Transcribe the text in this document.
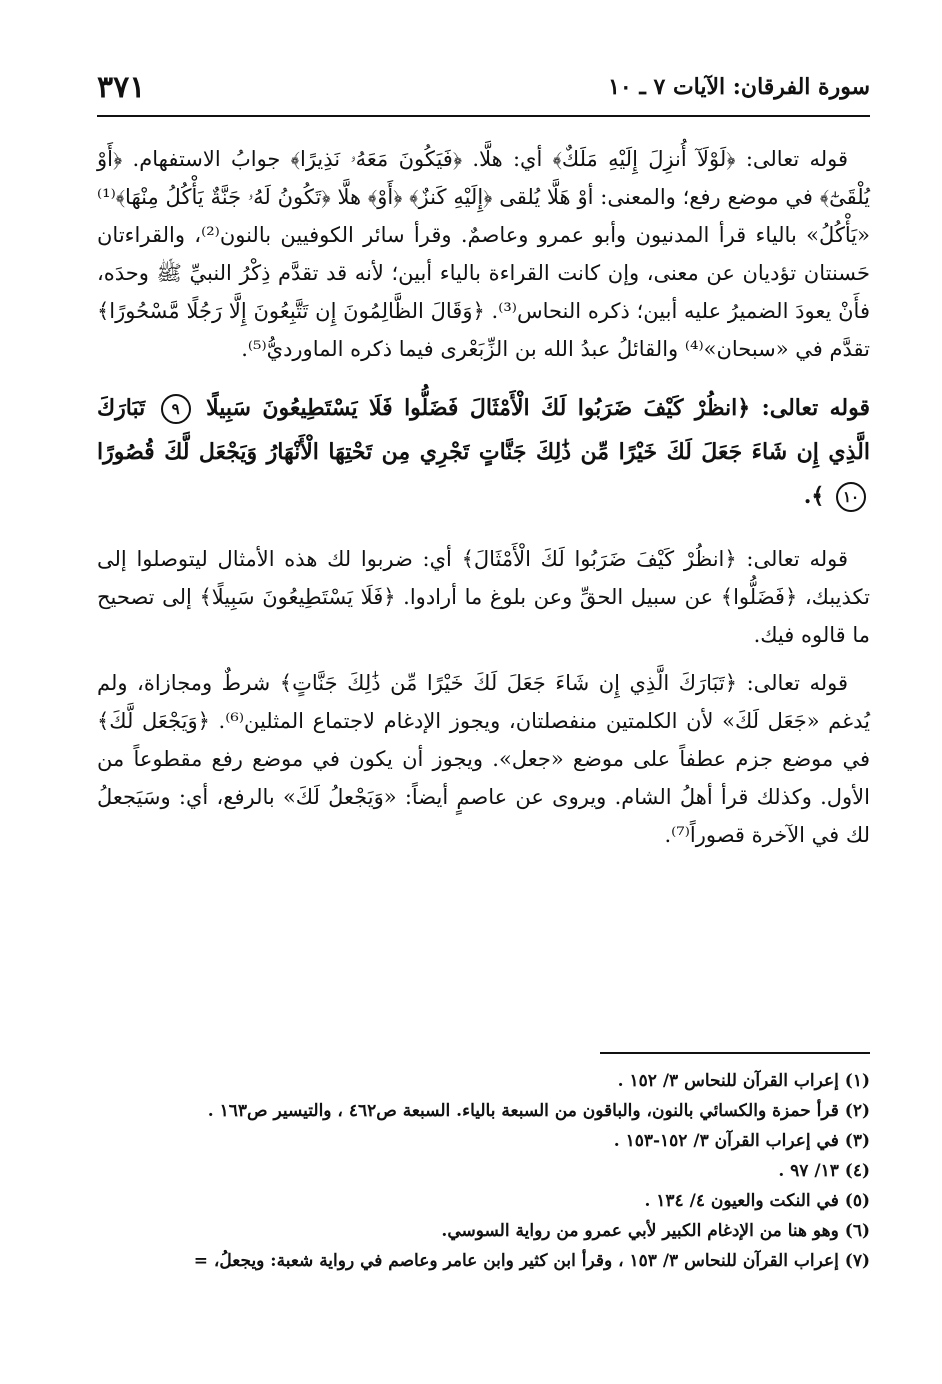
سورة الفرقان: الآيات ٧ ـ ١٠
٣٧١

قوله تعالى: ﴿لَوْلَآ أُنزِلَ إِلَيْهِ مَلَكٌ﴾ أي: هلَّا. ﴿فَيَكُونَ مَعَهُۥ نَذِيرًا﴾ جوابُ الاستفهام. ﴿أَوْ يُلْقَىٰٓ﴾ في موضع رفع؛ والمعنى: أوْ هَلَّا يُلقى ﴿إِلَيْهِ كَنزٌ﴾ ﴿أَوْ﴾ هلَّا ﴿تَكُونُ لَهُۥ جَنَّةٌ يَأْكُلُ مِنْهَا﴾⁽¹⁾ «يَأْكُلُ» بالياء قرأ المدنيون وأبو عمرو وعاصمٌ. وقرأ سائر الكوفيين بالنون⁽²⁾، والقراءتان حَسنتان تؤديان عن معنى، وإن كانت القراءة بالياء أبين؛ لأنه قد تقدَّم ذِكْرُ النبيِّ ﷺ وحدَه، فأَنْ يعودَ الضميرُ عليه أبين؛ ذكره النحاس⁽³⁾. ﴿وَقَالَ الظَّالِمُونَ إِن تَتَّبِعُونَ إِلَّا رَجُلًا مَّسْحُورًا﴾ تقدَّم في «سبحان»⁽⁴⁾ والقائلُ عبدُ الله بن الزِّبَعْرى فيما ذكره الماورديُّ⁽⁵⁾.

قوله تعالى: ﴿انظُرْ كَيْفَ ضَرَبُوا لَكَ الْأَمْثَالَ فَضَلُّوا فَلَا يَسْتَطِيعُونَ سَبِيلًا ٩ تَبَارَكَ الَّذِي إِن شَاءَ جَعَلَ لَكَ خَيْرًا مِّن ذَٰلِكَ جَنَّاتٍ تَجْرِي مِن تَحْتِهَا الْأَنْهَارُ وَيَجْعَل لَّكَ قُصُورًا ١٠ ﴾.

قوله تعالى: ﴿انظُرْ كَيْفَ ضَرَبُوا لَكَ الْأَمْثَالَ﴾ أي: ضربوا لك هذه الأمثال ليتوصلوا إلى تكذيبك، ﴿فَضَلُّوا﴾ عن سبيل الحقِّ وعن بلوغ ما أرادوا. ﴿فَلَا يَسْتَطِيعُونَ سَبِيلًا﴾ إلى تصحيح ما قالوه فيك.

قوله تعالى: ﴿تَبَارَكَ الَّذِي إِن شَاءَ جَعَلَ لَكَ خَيْرًا مِّن ذَٰلِكَ جَنَّاتٍ﴾ شرطٌ ومجازاة، ولم يُدغم «جَعَل لَكَ» لأن الكلمتين منفصلتان، ويجوز الإدغام لاجتماع المثلين⁽⁶⁾. ﴿وَيَجْعَل لَّكَ﴾ في موضع جزم عطفاً على موضع «جعل». ويجوز أن يكون في موضع رفع مقطوعاً من الأول. وكذلك قرأ أهلُ الشام. ويروى عن عاصمٍ أيضاً: «وَيَجْعلُ لَكَ» بالرفع، أي: وسَيَجعلُ لك في الآخرة قصوراً⁽⁷⁾.

(١) إعراب القرآن للنحاس ٣/ ١٥٢ .
(٢) قرأ حمزة والكسائي بالنون، والباقون من السبعة بالياء. السبعة ص٤٦٢ ، والتيسير ص١٦٣ .
(٣) في إعراب القرآن ٣/ ١٥٢-١٥٣ .
(٤) ١٣/ ٩٧ .
(٥) في النكت والعيون ٤/ ١٣٤ .
(٦) وهو هنا من الإدغام الكبير لأبي عمرو من رواية السوسي.
(٧) إعراب القرآن للنحاس ٣/ ١٥٣ ، وقرأ ابن كثير وابن عامر وعاصم في رواية شعبة: ويجعلُ، =
